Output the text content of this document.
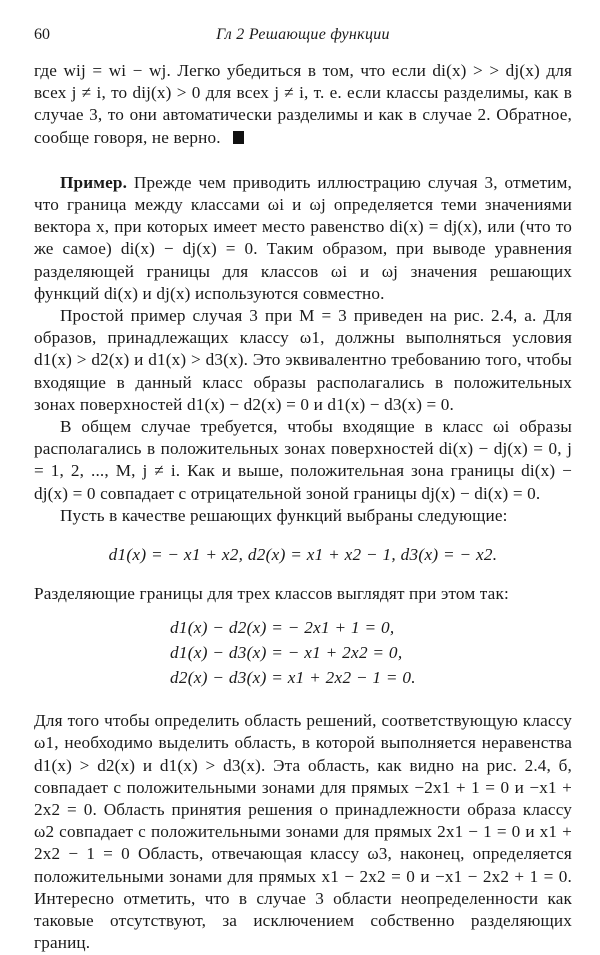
60	Гл 2 Решающие функции

где wij = wi − wj. Легко убедиться в том, что если di(x) > > dj(x) для всех j ≠ i, то dij(x) > 0 для всех j ≠ i, т. е. если классы разделимы, как в случае 3, то они автоматически разделимы и как в случае 2. Обратное, сообще говоря, не верно.

Пример. Прежде чем приводить иллюстрацию случая 3, отметим, что граница между классами ωi и ωj определяется теми значениями вектора x, при которых имеет место равенство di(x) = dj(x), или (что то же самое) di(x) − dj(x) = 0. Таким образом, при выводе уравнения разделяющей границы для классов ωi и ωj значения решающих функций di(x) и dj(x) используются совместно.

Простой пример случая 3 при M = 3 приведен на рис. 2.4, а. Для образов, принадлежащих классу ω1, должны выполняться условия d1(x) > d2(x) и d1(x) > d3(x). Это эквивалентно требованию того, чтобы входящие в данный класс образы располагались в положительных зонах поверхностей d1(x) − d2(x) = 0 и d1(x) − d3(x) = 0.

В общем случае требуется, чтобы входящие в класс ωi образы располагались в положительных зонах поверхностей di(x) − dj(x) = 0, j = 1, 2, ..., M, j ≠ i. Как и выше, положительная зона границы di(x) − dj(x) = 0 совпадает с отрицательной зоной границы dj(x) − di(x) = 0.

Пусть в качестве решающих функций выбраны следующие:

d1(x) = − x1 + x2, d2(x) = x1 + x2 − 1, d3(x) = − x2.

Разделяющие границы для трех классов выглядят при этом так:

d1(x) − d2(x) = − 2x1 + 1 = 0,
d1(x) − d3(x) = − x1 + 2x2 = 0,
d2(x) − d3(x) = x1 + 2x2 − 1 = 0.

Для того чтобы определить область решений, соответствующую классу ω1, необходимо выделить область, в которой выполняется неравенства d1(x) > d2(x) и d1(x) > d3(x). Эта область, как видно на рис. 2.4, б, совпадает с положительными зонами для прямых −2x1 + 1 = 0 и −x1 + 2x2 = 0. Область принятия решения о принадлежности образа классу ω2 совпадает с положительными зонами для прямых 2x1 − 1 = 0 и x1 + 2x2 − 1 = 0 Область, отвечающая классу ω3, наконец, определяется положительными зонами для прямых x1 − 2x2 = 0 и −x1 − 2x2 + 1 = 0. Интересно отметить, что в случае 3 области неопределенности как таковые отсутствуют, за исключением собственно разделяющих границ.
